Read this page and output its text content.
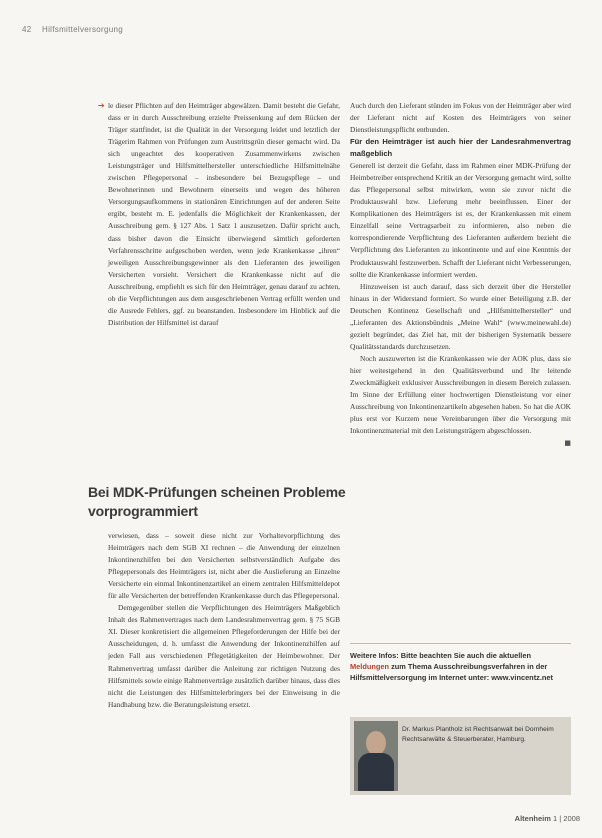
42 Hilfsmittelversorgung
➔ le dieser Pflichten auf den Heimträger abgewälzen. Damit besteht die Gefahr, dass er in durch Ausschreibung erzielte Preissenkung auf dem Rücken der Träger stattfindet, ist die Qualität in der Versorgung leidet und letztlich der Trägerim Rahmen von Prüfungen zum Austrittsgrün dieser gemacht wird. Da sich ungeachtet des kooperativen Zusammenwirkens zwischen Leistungsträger und Hilfsmittelhersteller unterschiedliche Hilfsmittelnähe zwischen Pflegepersonal – insbesondere bei Bezugspflege – und Bewohnerinnen und Bewohnern einerseits und wegen des höheren Versorgungsaufkommens in stationären Einrichtungen auf der anderen Seite ergibt, besteht m. E. jedenfalls die Möglichkeit der Krankenkassen, der Ausschreibung gem. § 127 Abs. 1 Satz 1 auszusetzen. Dafür spricht auch, dass bisher davon die Einsicht überwiegend sämtlich geforderten Verfahrensschritte aufgeschoben werden, wenn jede Krankenkasse „ihren“ jeweiligen Ausschreibungsgewinner als den Lieferanten des jeweiligen Versicherten vorsieht. Versichert die Krankenkasse nicht auf die Ausschreibung, empfiehlt es sich für den Heimträger, genau darauf zu achten, ob die Verpflichtungen aus dem ausgeschriebenen Vertrag erfüllt werden und die Ausrede Fehlers, ggf. zu beanstanden. Insbesondere im Hinblick auf die Distribution der Hilfsmittel ist darauf

Bei MDK-Prüfungen scheinen Probleme vorprogrammiert

verwiesen, dass – soweit diese nicht zur Vorhaltevorpflichtung des Heimträgers nach dem SGB XI rechnen – die Anwendung der einzelnen Inkontinenzhilfen bei den Versicherten selbstverständlich Aufgabe des Pflegepersonals des Heimträgers ist, nicht aber die Auslieferung an Einzelne Versicherte ein einmal Inkontinenzartikel an einem zentralen Hilfsmitteldepot für alle Versicherten der betreffenden Krankenkasse durch das Pflegepersonal.

Demgegenüber stellen die Verpflichtungen des Heimträgers Maßgeblich Inhalt des Rahmenvertrages nach dem Landesrahmenvertrag gem. § 75 SGB XI. Dieser konkretisiert die allgemeinen Pflegeforderungen der Hilfe bei der Ausscheidungen, d. h. umfasst die Anwendung der Inkontinenzhilfen auf jeden Fall aus verschiedenen Pflegetätigkeiten der Heimbewohner. Der Rahmenvertrag umfasst darüber die Anleitung zur richtigen Nutzung des Hilfsmittels sowie einige Rahmenverträge zusätzlich darüber hinaus, dass dies nicht die Leistungen des Hilfsmittelerbringers bei der Einweisung in die Handhabung bzw. die Beratungsleistung ersetzt.

Auch durch den Lieferant stünden im Fokus von der Heimträger aber wird der Lieferant nicht auf Kosten des Heimträgers von seiner Dienstleistungspflicht entbunden.

Für den Heimträger ist auch hier der Landesrahmenvertrag maßgeblich

Generell ist derzeit die Gefahr, dass im Rahmen einer MDK-Prüfung der Heimbetreiber entsprechend Kritik an der Versorgung gemacht wird, sollte das Pflegepersonal selbst mitwirken, wenn sie zuvor nicht die Produktauswahl bzw. Lieferung mehr beeinflussen. Einer der Komplikationen des Heimträgers ist es, der Krankenkassen mit einem Einzelfall seine Vertragsarbeit zu informieren, also neben die korrespondierende Verpflichtung des Lieferanten außerdem bezieht die Verpflichtung des Lieferanten zu inkontinente und auf eine Kenntnis der Produktauswahl festzuwerben. Schafft der Lieferant nicht Verbesserungen, sollte die Krankenkasse informiert werden.

Hinzuweisen ist auch darauf, dass sich derzeit über die Hersteller hinaus in der Widerstand formiert. So wurde einer Beteiligung z.B. der Deutschen Kontinenz Gesellschaft und „Hilfsmittelhersteller“ und „Lieferanten des Aktionsbündnis „Meine Wahl“ (www.meinewahl.de) gezielt begründet, das Ziel hat, mit der bisherigen Systematik bessere Qualitätsstandards durchzusetzen.

Noch auszuwerten ist die Krankenkassen wie der AOK plus, dass sie hier weitestgehend in den Qualitätsverbund und Ihr leitende Zweckmäßigkeit exklusiver Ausschreibungen in diesem Bereich zulassen. Im Sinne der Erfüllung einer hochwertigen Dienstleistung vor einer Ausschreibung von Inkontinenzartikeln abgesehen haben. So hat die AOK plus erst vor Kurzem neue Vereinbarungen über die Versorgung mit Inkontinenzmaterial mit den Leistungsträgern abgeschlossen.

■

Weitere Infos: Bitte beachten Sie auch die aktuellen Meldungen zum Thema Ausschreibungsverfahren in der Hilfsmittelversorgung im Internet unter: www.vincentz.net
Dr. Markus Plantholz ist Rechtsanwalt bei Dornheim Rechtsanwälte & Steuerberater, Hamburg.
Altenheim 1 | 2008
